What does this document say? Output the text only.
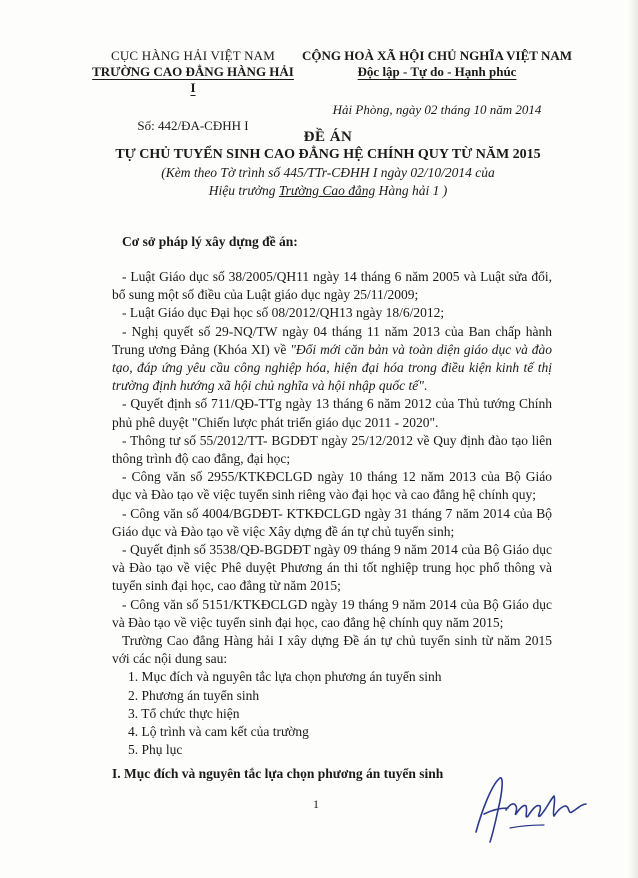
CỤC HÀNG HẢI VIỆT NAM
TRƯỜNG CAO ĐẲNG HÀNG HẢI I
Số: 442/ĐA-CĐHH I
CỘNG HOÀ XÃ HỘI CHỦ NGHĨA VIỆT NAM
Độc lập - Tự do - Hạnh phúc
Hải Phòng, ngày 02 tháng 10 năm 2014
ĐỀ ÁN
TỰ CHỦ TUYỂN SINH CAO ĐẲNG HỆ CHÍNH QUY TỪ NĂM 2015
(Kèm theo Tờ trình số 445/TTr-CĐHH I ngày 02/10/2014 của
Hiệu trưởng Trường Cao đẳng Hàng hải 1 )
Cơ sở pháp lý xây dựng đề án:

- Luật Giáo dục số 38/2005/QH11 ngày 14 tháng 6 năm 2005 và Luật sửa đổi, bổ sung một số điều của Luật giáo dục ngày 25/11/2009;

- Luật Giáo dục Đại học số 08/2012/QH13 ngày 18/6/2012;

- Nghị quyết số 29-NQ/TW ngày 04 tháng 11 năm 2013 của Ban chấp hành Trung ương Đảng (Khóa XI) về "Đổi mới căn bản và toàn diện giáo dục và đào tạo, đáp ứng yêu cầu công nghiệp hóa, hiện đại hóa trong điều kiện kinh tế thị trường định hướng xã hội chủ nghĩa và hội nhập quốc tế".

- Quyết định số 711/QĐ-TTg ngày 13 tháng 6 năm 2012 của Thủ tướng Chính phủ phê duyệt "Chiến lược phát triển giáo dục 2011 - 2020".

- Thông tư số 55/2012/TT- BGDĐT ngày 25/12/2012 về Quy định đào tạo liên thông trình độ cao đẳng, đại học;

- Công văn số 2955/KTKĐCLGD ngày 10 tháng 12 năm 2013 của Bộ Giáo dục và Đào tạo về việc tuyển sinh riêng vào đại học và cao đẳng hệ chính quy;

- Công văn số 4004/BGDĐT- KTKĐCLGD ngày 31 tháng 7 năm 2014 của Bộ Giáo dục và Đào tạo về việc Xây dựng đề án tự chủ tuyển sinh;

- Quyết định số 3538/QĐ-BGDĐT ngày 09 tháng 9 năm 2014 của Bộ Giáo dục và Đào tạo về việc Phê duyệt Phương án thi tốt nghiệp trung học phổ thông và tuyển sinh đại học, cao đẳng từ năm 2015;

- Công văn số 5151/KTKĐCLGD ngày 19 tháng 9 năm 2014 của Bộ Giáo dục và Đào tạo về việc tuyển sinh đại học, cao đẳng hệ chính quy năm 2015;

Trường Cao đẳng Hàng hải I xây dựng Đề án tự chủ tuyển sinh từ năm 2015 với các nội dung sau:

1. Mục đích và nguyên tắc lựa chọn phương án tuyển sinh
2. Phương án tuyển sinh
3. Tổ chức thực hiện
4. Lộ trình và cam kết của trường
5. Phụ lục
I. Mục đích và nguyên tắc lựa chọn phương án tuyển sinh
1
